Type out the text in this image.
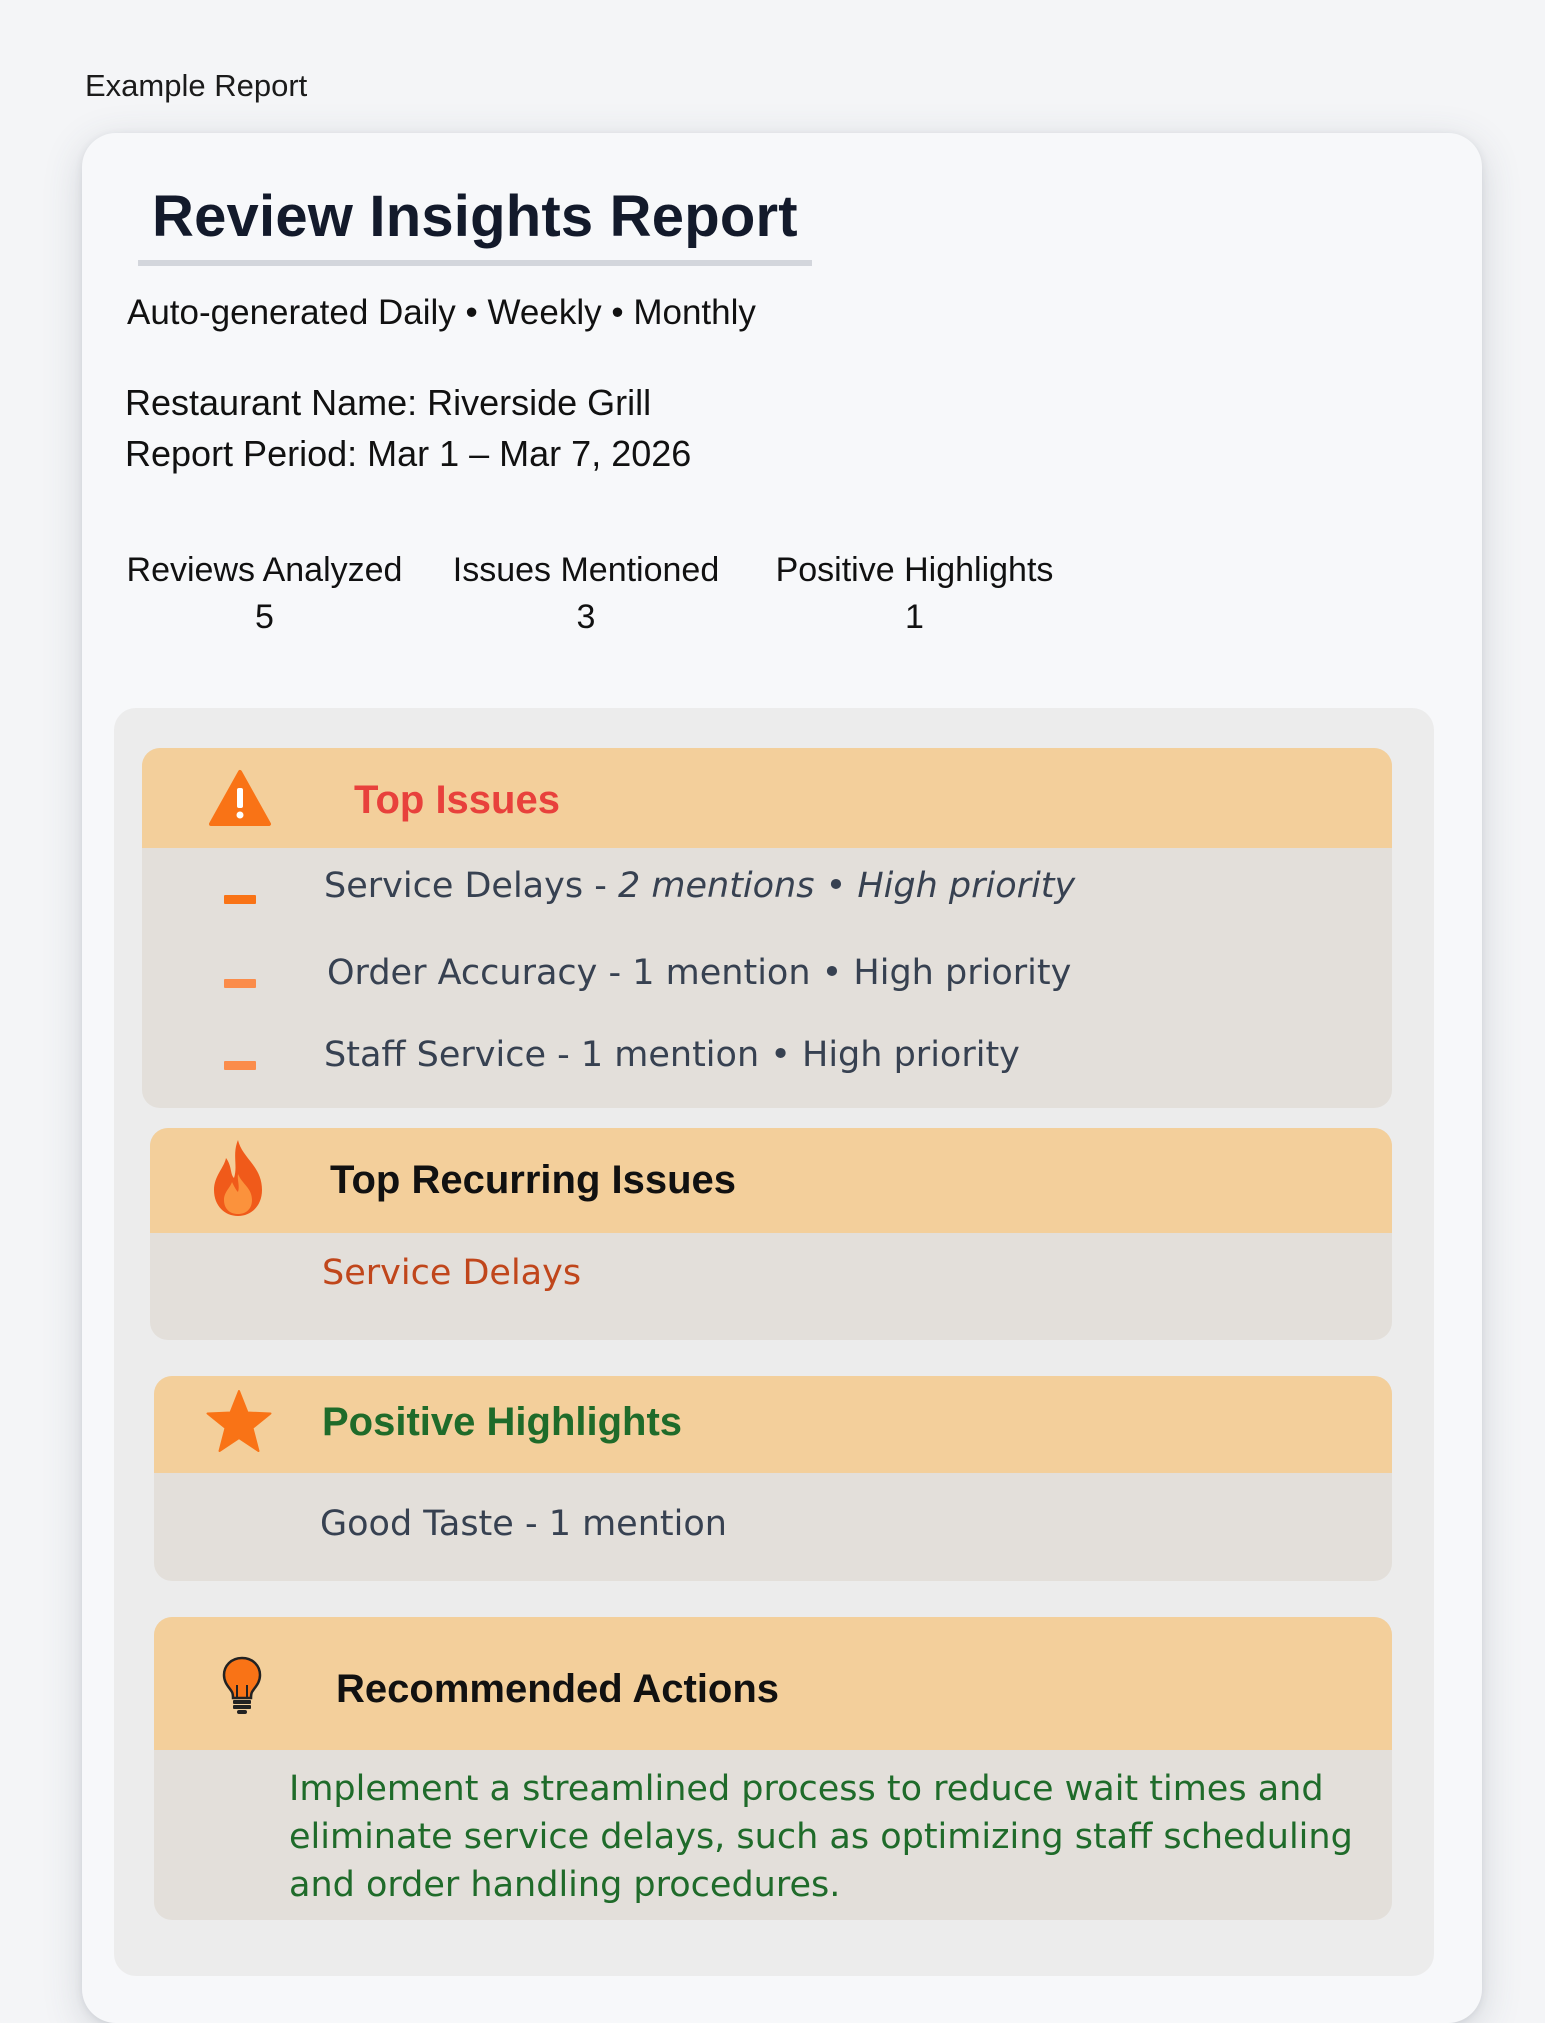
Example Report
Review Insights Report
Auto-generated Daily • Weekly • Monthly
Restaurant Name: Riverside Grill
Report Period: Mar 1 – Mar 7, 2026
Reviews Analyzed
5
Issues Mentioned
3
Positive Highlights
1
Top Issues
Service Delays - 2 mentions • High priority
Order Accuracy - 1 mention • High priority
Staff Service - 1 mention • High priority
Top Recurring Issues
Service Delays
Positive Highlights
Good Taste - 1 mention
Recommended Actions
Implement a streamlined process to reduce wait times and eliminate service delays, such as optimizing staff scheduling and order handling procedures.
